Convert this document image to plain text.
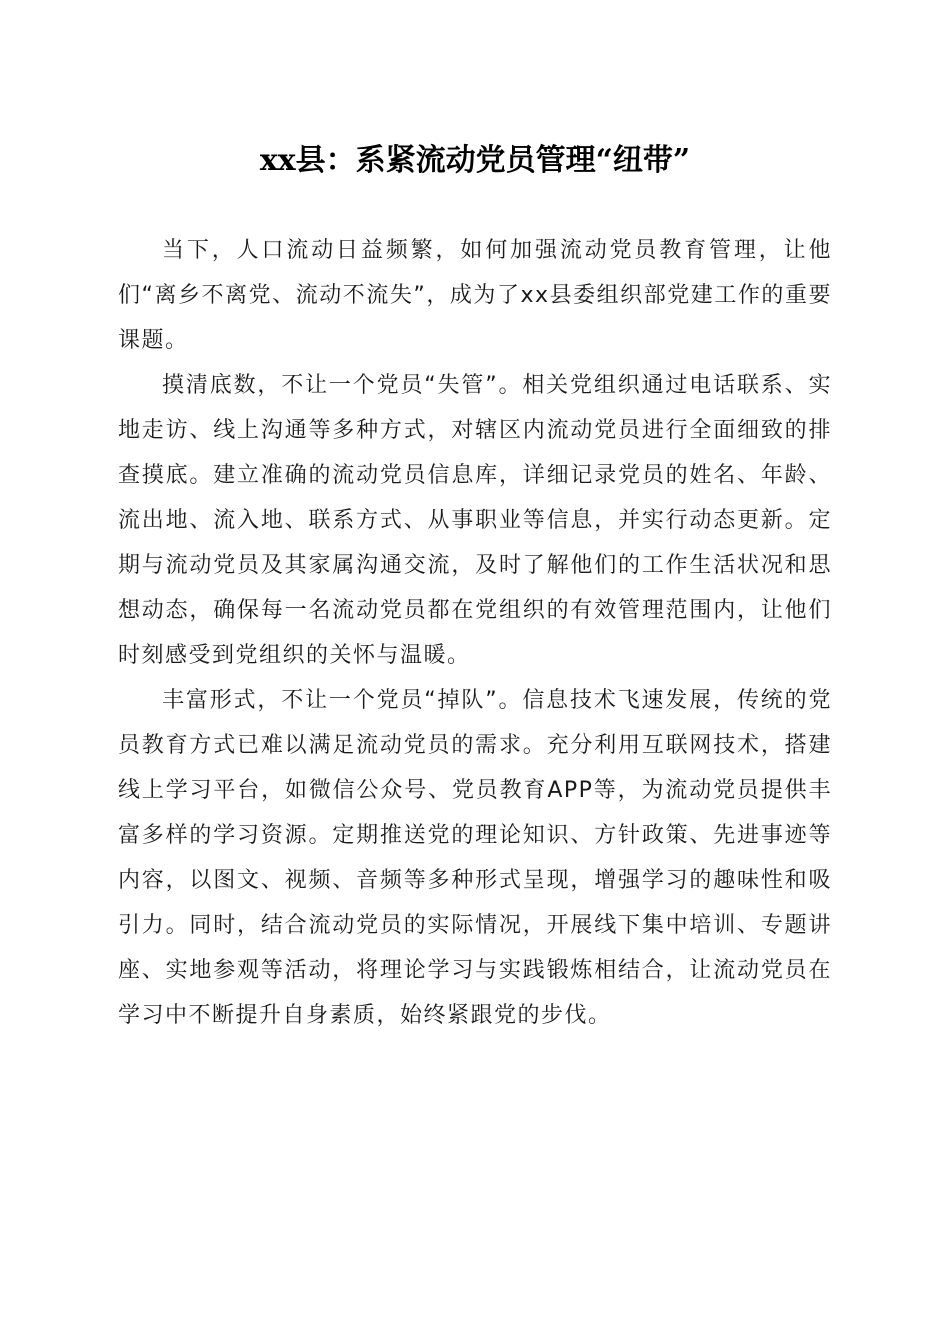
xx县：系紧流动党员管理“纽带”

当下，人口流动日益频繁，如何加强流动党员教育管理，让他们“离乡不离党、流动不流失”，成为了xx县委组织部党建工作的重要课题。

摸清底数，不让一个党员“失管”。相关党组织通过电话联系、实地走访、线上沟通等多种方式，对辖区内流动党员进行全面细致的排查摸底。建立准确的流动党员信息库，详细记录党员的姓名、年龄、流出地、流入地、联系方式、从事职业等信息，并实行动态更新。定期与流动党员及其家属沟通交流，及时了解他们的工作生活状况和思想动态，确保每一名流动党员都在党组织的有效管理范围内，让他们时刻感受到党组织的关怀与温暖。

丰富形式，不让一个党员“掉队”。信息技术飞速发展，传统的党员教育方式已难以满足流动党员的需求。充分利用互联网技术，搭建线上学习平台，如微信公众号、党员教育APP等，为流动党员提供丰富多样的学习资源。定期推送党的理论知识、方针政策、先进事迹等内容，以图文、视频、音频等多种形式呈现，增强学习的趣味性和吸引力。同时，结合流动党员的实际情况，开展线下集中培训、专题讲座、实地参观等活动，将理论学习与实践锻炼相结合，让流动党员在学习中不断提升自身素质，始终紧跟党的步伐。
